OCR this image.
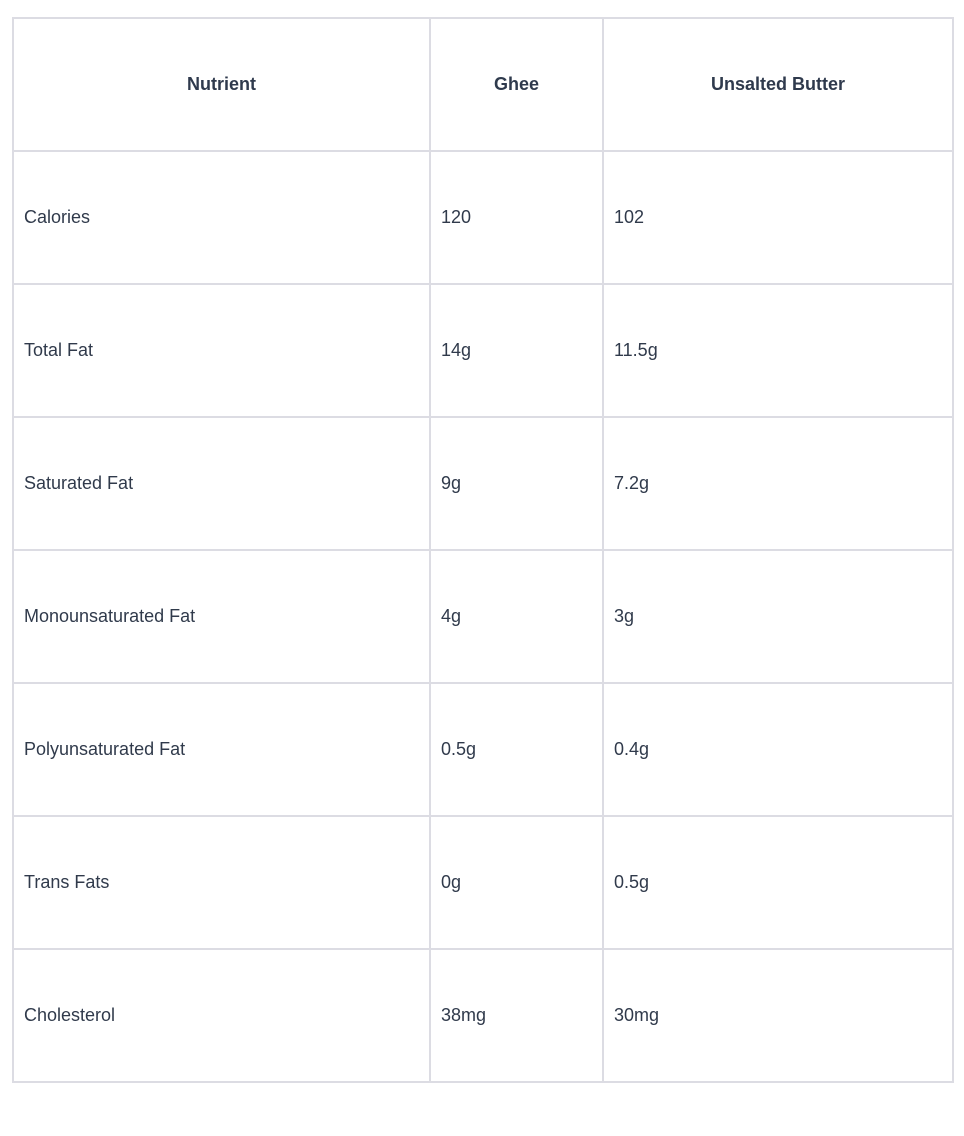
Nutrient	Ghee	Unsalted Butter
Calories	120	102
Total Fat	14g	11.5g
Saturated Fat	9g	7.2g
Monounsaturated Fat	4g	3g
Polyunsaturated Fat	0.5g	0.4g
Trans Fats	0g	0.5g
Cholesterol	38mg	30mg
